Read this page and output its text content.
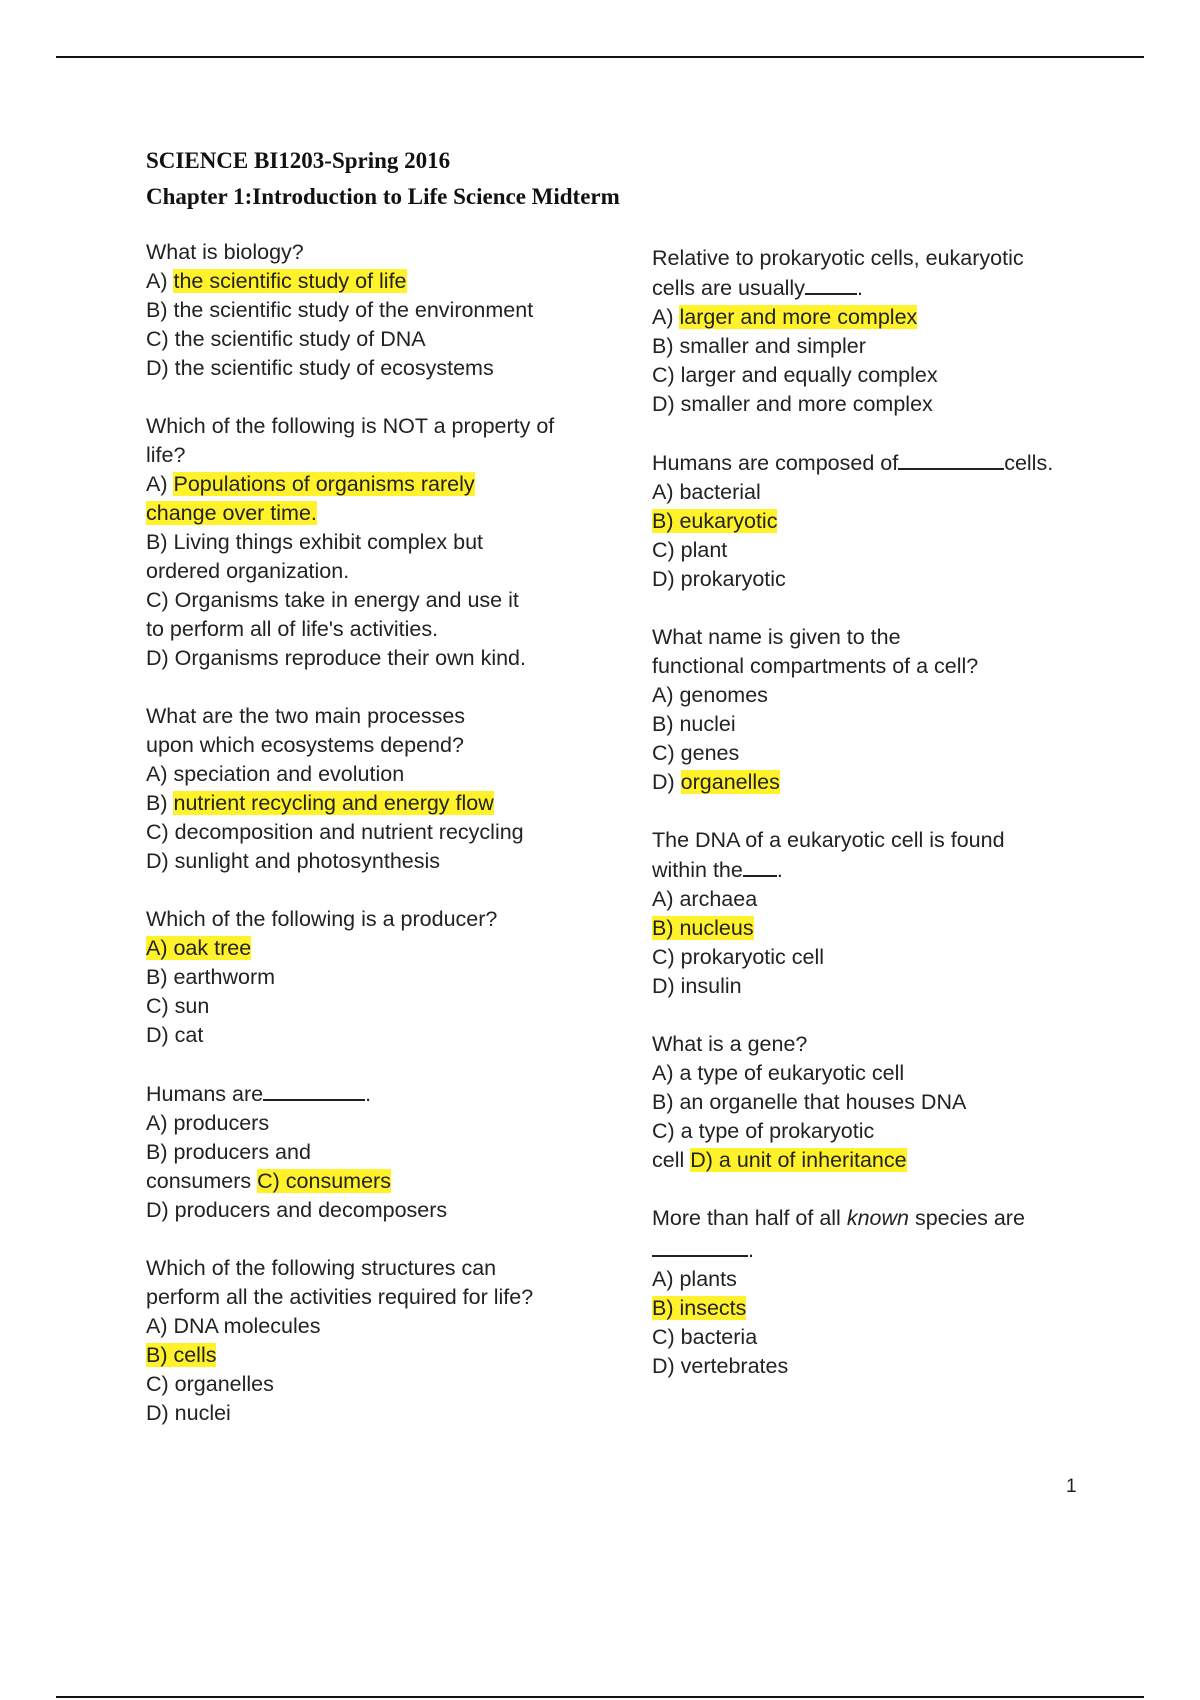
SCIENCE BI1203-Spring 2016
Chapter 1:Introduction to Life Science Midterm
What is biology?
A) the scientific study of life
B) the scientific study of the environment
C) the scientific study of DNA
D) the scientific study of ecosystems
Which of the following is NOT a property of
life?
A) Populations of organisms rarely
change over time.
B) Living things exhibit complex but
ordered organization.
C) Organisms take in energy and use it
to perform all of life's activities.
D) Organisms reproduce their own kind.
What are the two main processes
upon which ecosystems depend?
A) speciation and evolution
B) nutrient recycling and energy flow
C) decomposition and nutrient recycling
D) sunlight and photosynthesis
Which of the following is a producer?
A) oak tree
B) earthworm
C) sun
D) cat
Humans are	.
A) producers
B) producers and
consumers C) consumers
D) producers and decomposers
Which of the following structures can
perform all the activities required for life?
A) DNA molecules
B) cells
C) organelles
D) nuclei
Relative to prokaryotic cells, eukaryotic
cells are usually .
A) larger and more complex
B) smaller and simpler
C) larger and equally complex
D) smaller and more complex
Humans are composed of	cells.
A) bacterial
B) eukaryotic
C) plant
D) prokaryotic
What name is given to the
functional compartments of a cell?
A) genomes
B) nuclei
C) genes
D) organelles
The DNA of a eukaryotic cell is found
within the .
A) archaea
B) nucleus
C) prokaryotic cell
D) insulin
What is a gene?
A) a type of eukaryotic cell
B) an organelle that houses DNA
C) a type of prokaryotic
cell D) a unit of inheritance
More than half of all known species are
.
A) plants
B) insects
C) bacteria
D) vertebrates
1
